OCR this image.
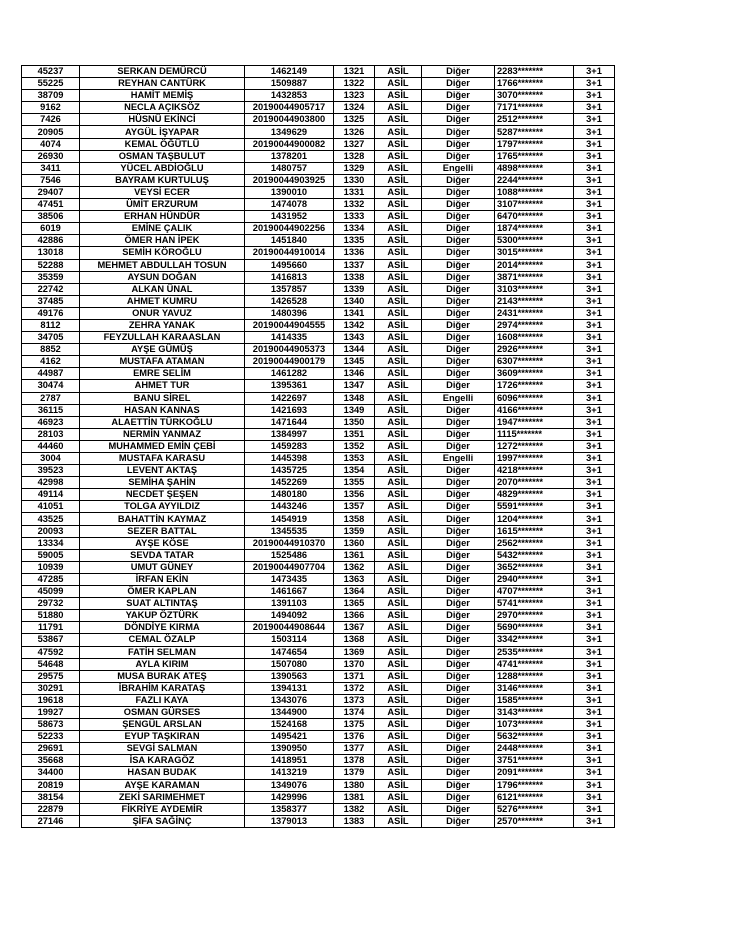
45237	SERKAN DEMÜRCÜ	1462149	1321	ASİL	Diğer	2283*******	3+1
55225	REYHAN CANTÜRK	1509887	1322	ASİL	Diğer	1766*******	3+1
38709	HAMİT MEMİŞ	1432853	1323	ASİL	Diğer	3070*******	3+1
9162	NECLA AÇIKSÖZ	20190044905717	1324	ASİL	Diğer	7171*******	3+1
7426	HÜSNÜ EKİNCİ	20190044903800	1325	ASİL	Diğer	2512*******	3+1
20905	AYGÜL İŞYAPAR	1349629	1326	ASİL	Diğer	5287*******	3+1
4074	KEMAL ÖĞÜTLÜ	20190044900082	1327	ASİL	Diğer	1797*******	3+1
26930	OSMAN TAŞBULUT	1378201	1328	ASİL	Diğer	1765*******	3+1
3411	YÜCEL ABDİOĞLU	1480757	1329	ASİL	Engelli	4898*******	3+1
7546	BAYRAM KURTULUŞ	20190044903925	1330	ASİL	Diğer	2244*******	3+1
29407	VEYSİ ECER	1390010	1331	ASİL	Diğer	1088*******	3+1
47451	ÜMİT ERZURUM	1474078	1332	ASİL	Diğer	3107*******	3+1
38506	ERHAN HÜNDÜR	1431952	1333	ASİL	Diğer	6470*******	3+1
6019	EMİNE ÇALIK	20190044902256	1334	ASİL	Diğer	1874*******	3+1
42886	ÖMER HAN İPEK	1451840	1335	ASİL	Diğer	5300*******	3+1
13018	SEMİH KÖROĞLU	20190044910014	1336	ASİL	Diğer	3015*******	3+1
52288	MEHMET ABDULLAH TOSUN	1495660	1337	ASİL	Diğer	2014*******	3+1
35359	AYSUN DOĞAN	1416813	1338	ASİL	Diğer	3871*******	3+1
22742	ALKAN ÜNAL	1357857	1339	ASİL	Diğer	3103*******	3+1
37485	AHMET KUMRU	1426528	1340	ASİL	Diğer	2143*******	3+1
49176	ONUR YAVUZ	1480396	1341	ASİL	Diğer	2431*******	3+1
8112	ZEHRA YANAK	20190044904555	1342	ASİL	Diğer	2974*******	3+1
34705	FEYZULLAH KARAASLAN	1414335	1343	ASİL	Diğer	1608*******	3+1
8852	AYŞE GÜMÜŞ	20190044905373	1344	ASİL	Diğer	2926*******	3+1
4162	MUSTAFA ATAMAN	20190044900179	1345	ASİL	Diğer	6307*******	3+1
44987	EMRE SELİM	1461282	1346	ASİL	Diğer	3609*******	3+1
30474	AHMET TUR	1395361	1347	ASİL	Diğer	1726*******	3+1
2787	BANU SİREL	1422697	1348	ASİL	Engelli	6096*******	3+1
36115	HASAN KANNAS	1421693	1349	ASİL	Diğer	4166*******	3+1
46923	ALAETTİN TÜRKOĞLU	1471644	1350	ASİL	Diğer	1947*******	3+1
28103	NERMİN YANMAZ	1384997	1351	ASİL	Diğer	1115*******	3+1
44460	MUHAMMED EMİN ÇEBİ	1459283	1352	ASİL	Diğer	1272*******	3+1
3004	MUSTAFA KARASU	1445398	1353	ASİL	Engelli	1997*******	3+1
39523	LEVENT AKTAŞ	1435725	1354	ASİL	Diğer	4218*******	3+1
42998	SEMİHA ŞAHİN	1452269	1355	ASİL	Diğer	2070*******	3+1
49114	NECDET ŞEŞEN	1480180	1356	ASİL	Diğer	4829*******	3+1
41051	TOLGA AYYILDIZ	1443246	1357	ASİL	Diğer	5591*******	3+1
43525	BAHATTİN KAYMAZ	1454919	1358	ASİL	Diğer	1204*******	3+1
20093	SEZER BATTAL	1345535	1359	ASİL	Diğer	1615*******	3+1
13334	AYŞE KÖSE	20190044910370	1360	ASİL	Diğer	2562*******	3+1
59005	SEVDA TATAR	1525486	1361	ASİL	Diğer	5432*******	3+1
10939	UMUT GÜNEY	20190044907704	1362	ASİL	Diğer	3652*******	3+1
47285	İRFAN EKİN	1473435	1363	ASİL	Diğer	2940*******	3+1
45099	ÖMER KAPLAN	1461667	1364	ASİL	Diğer	4707*******	3+1
29732	SUAT ALTINTAŞ	1391103	1365	ASİL	Diğer	5741*******	3+1
51880	YAKUP ÖZTÜRK	1494092	1366	ASİL	Diğer	2970*******	3+1
11791	DÖNDİYE KIRMA	20190044908644	1367	ASİL	Diğer	5690*******	3+1
53867	CEMAL ÖZALP	1503114	1368	ASİL	Diğer	3342*******	3+1
47592	FATİH SELMAN	1474654	1369	ASİL	Diğer	2535*******	3+1
54648	AYLA KIRIM	1507080	1370	ASİL	Diğer	4741*******	3+1
29575	MUSA BURAK ATEŞ	1390563	1371	ASİL	Diğer	1288*******	3+1
30291	İBRAHİM KARATAŞ	1394131	1372	ASİL	Diğer	3146*******	3+1
19618	FAZLI KAYA	1343076	1373	ASİL	Diğer	1585*******	3+1
19927	OSMAN GÜRSES	1344900	1374	ASİL	Diğer	3143*******	3+1
58673	ŞENGÜL ARSLAN	1524168	1375	ASİL	Diğer	1073*******	3+1
52233	EYUP TAŞKIRAN	1495421	1376	ASİL	Diğer	5632*******	3+1
29691	SEVGİ SALMAN	1390950	1377	ASİL	Diğer	2448*******	3+1
35668	İSA KARAGÖZ	1418951	1378	ASİL	Diğer	3751*******	3+1
34400	HASAN BUDAK	1413219	1379	ASİL	Diğer	2091*******	3+1
20819	AYŞE KARAMAN	1349076	1380	ASİL	Diğer	1796*******	3+1
38154	ZEKİ SARIMEHMET	1429996	1381	ASİL	Diğer	6121*******	3+1
22879	FİKRİYE AYDEMİR	1358377	1382	ASİL	Diğer	5276*******	3+1
27146	ŞİFA SAĞİNÇ	1379013	1383	ASİL	Diğer	2570*******	3+1
